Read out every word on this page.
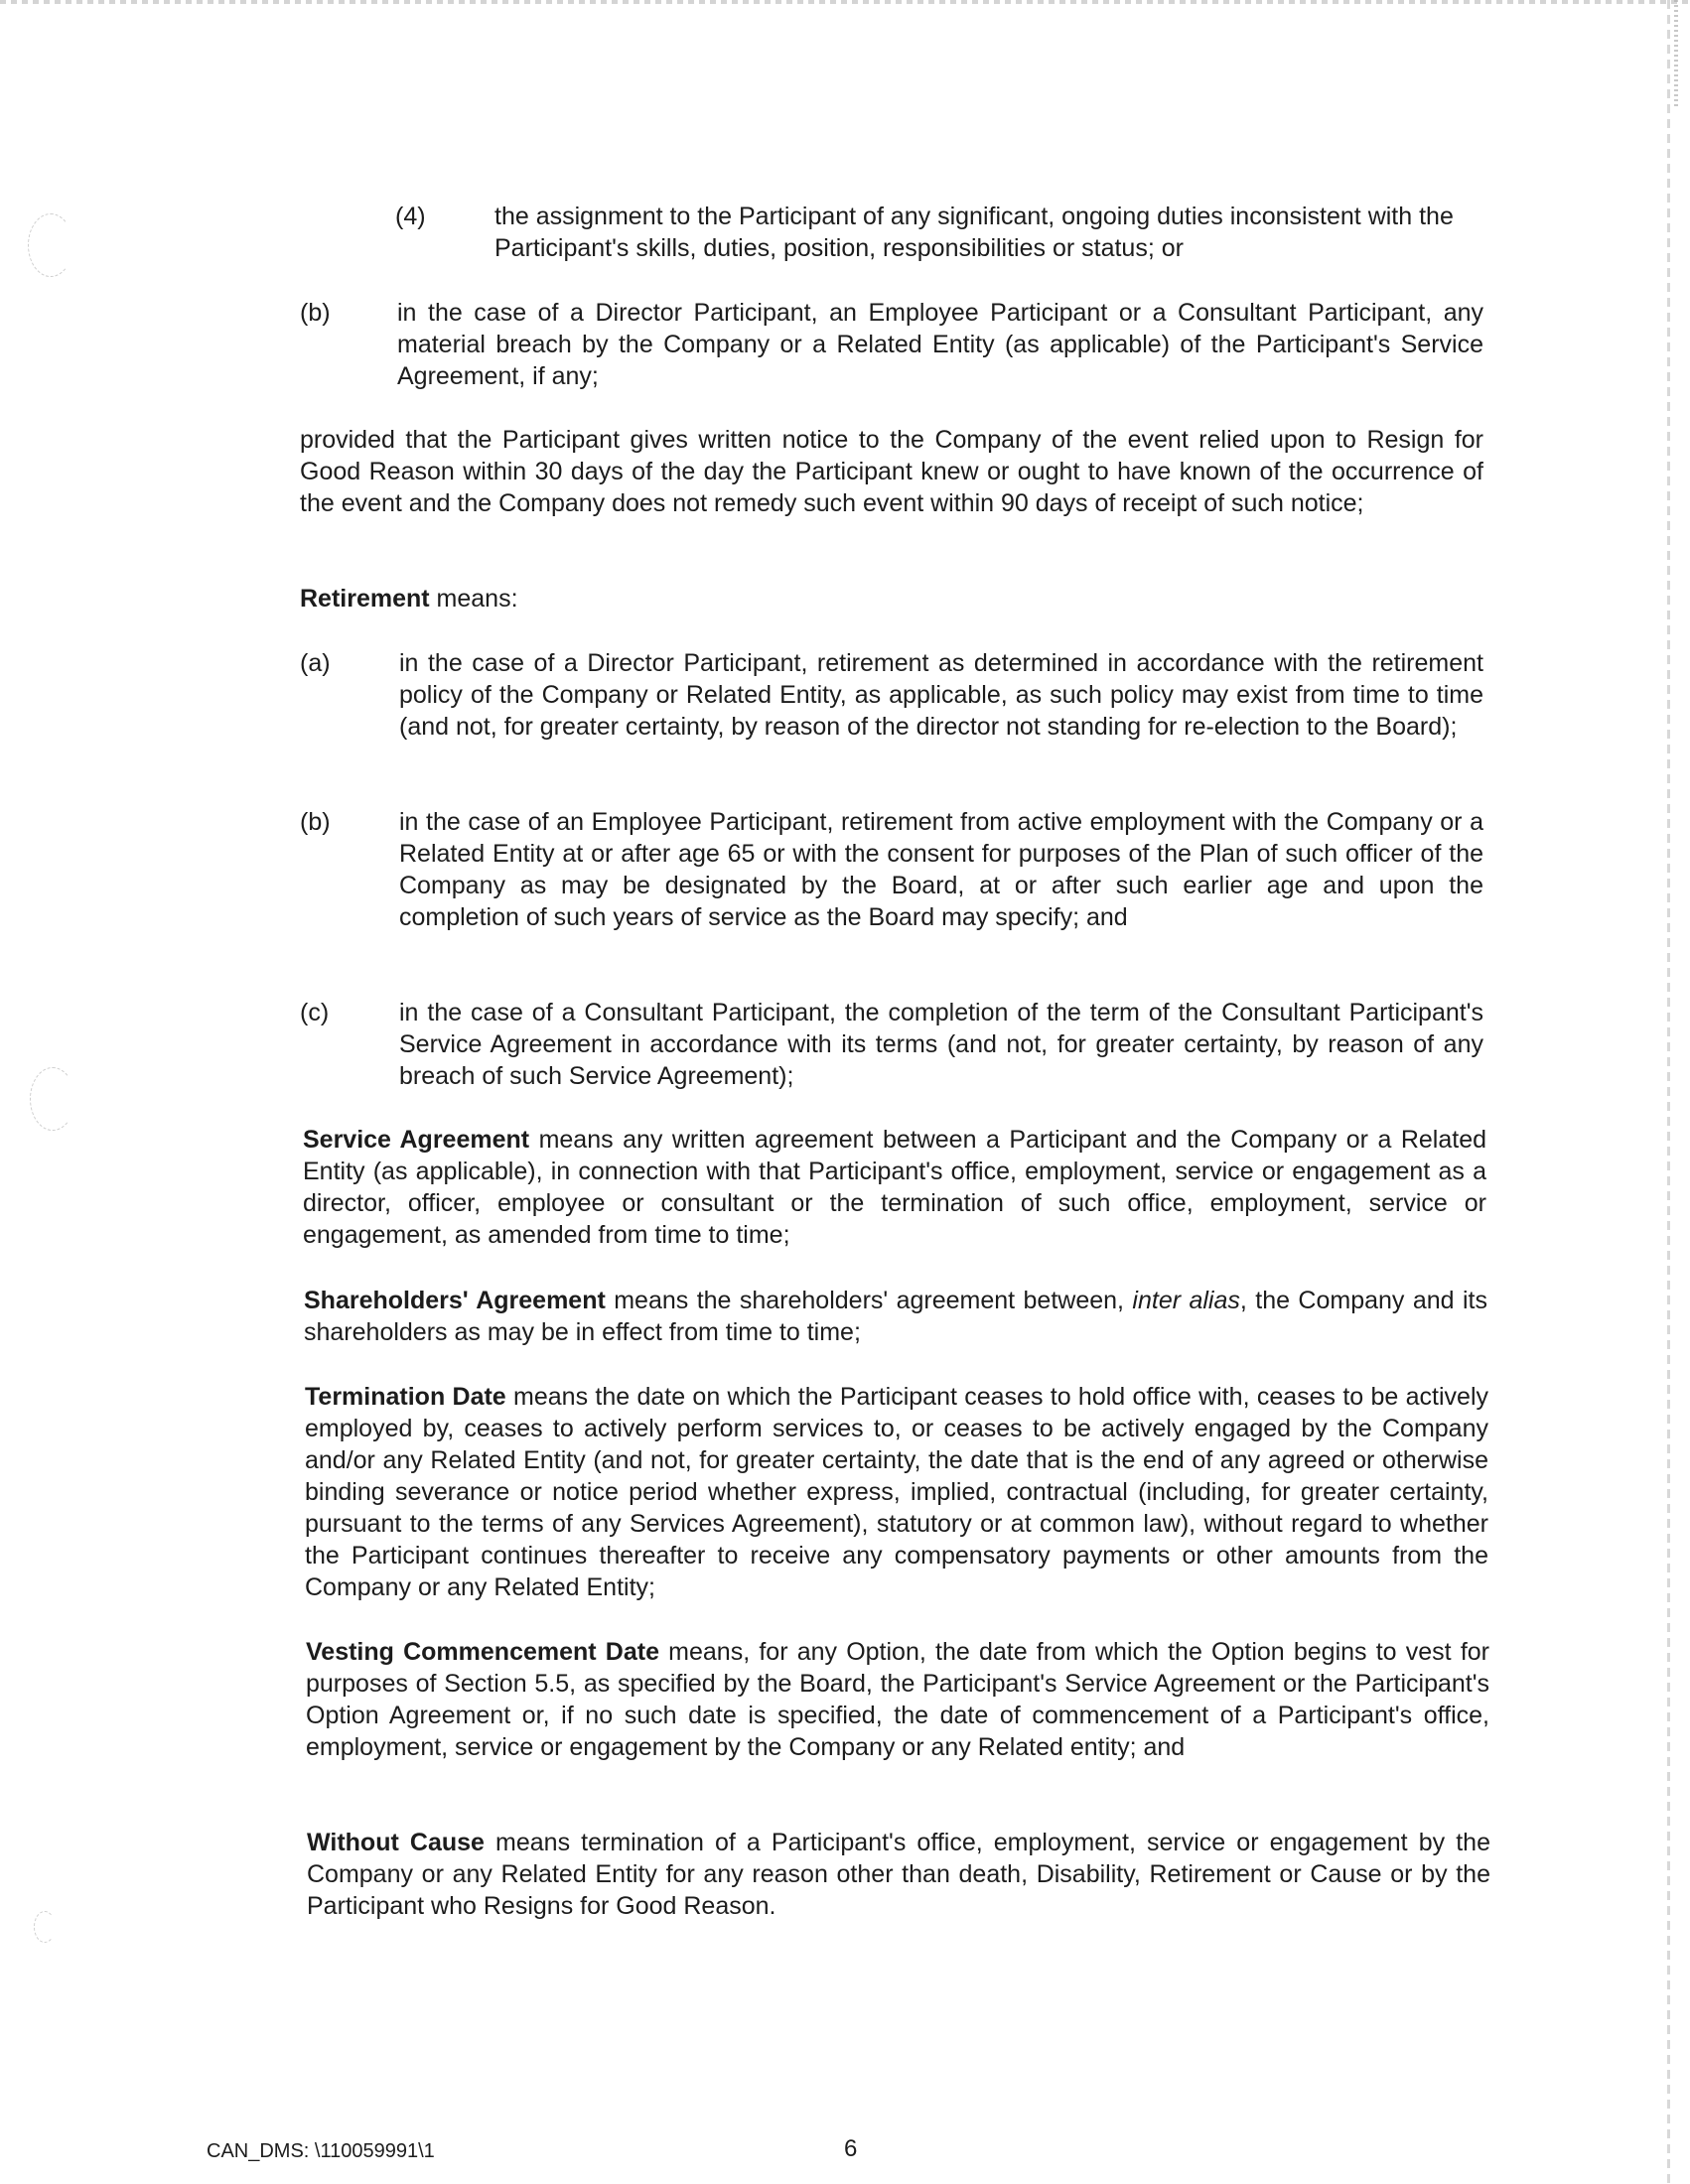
(4)	the assignment to the Participant of any significant, ongoing duties inconsistent with the Participant's skills, duties, position, responsibilities or status; or
(b)	in the case of a Director Participant, an Employee Participant or a Consultant Participant, any material breach by the Company or a Related Entity (as applicable) of the Participant's Service Agreement, if any;
provided that the Participant gives written notice to the Company of the event relied upon to Resign for Good Reason within 30 days of the day the Participant knew or ought to have known of the occurrence of the event and the Company does not remedy such event within 90 days of receipt of such notice;
Retirement means:
(a)	in the case of a Director Participant, retirement as determined in accordance with the retirement policy of the Company or Related Entity, as applicable, as such policy may exist from time to time (and not, for greater certainty, by reason of the director not standing for re-election to the Board);
(b)	in the case of an Employee Participant, retirement from active employment with the Company or a Related Entity at or after age 65 or with the consent for purposes of the Plan of such officer of the Company as may be designated by the Board, at or after such earlier age and upon the completion of such years of service as the Board may specify; and
(c)	in the case of a Consultant Participant, the completion of the term of the Consultant Participant's Service Agreement in accordance with its terms (and not, for greater certainty, by reason of any breach of such Service Agreement);
Service Agreement means any written agreement between a Participant and the Company or a Related Entity (as applicable), in connection with that Participant's office, employment, service or engagement as a director, officer, employee or consultant or the termination of such office, employment, service or engagement, as amended from time to time;
Shareholders' Agreement means the shareholders' agreement between, inter alias, the Company and its shareholders as may be in effect from time to time;
Termination Date means the date on which the Participant ceases to hold office with, ceases to be actively employed by, ceases to actively perform services to, or ceases to be actively engaged by the Company and/or any Related Entity (and not, for greater certainty, the date that is the end of any agreed or otherwise binding severance or notice period whether express, implied, contractual (including, for greater certainty, pursuant to the terms of any Services Agreement), statutory or at common law), without regard to whether the Participant continues thereafter to receive any compensatory payments or other amounts from the Company or any Related Entity;
Vesting Commencement Date means, for any Option, the date from which the Option begins to vest for purposes of Section 5.5, as specified by the Board, the Participant's Service Agreement or the Participant's Option Agreement or, if no such date is specified, the date of commencement of a Participant's office, employment, service or engagement by the Company or any Related entity; and
Without Cause means termination of a Participant's office, employment, service or engagement by the Company or any Related Entity for any reason other than death, Disability, Retirement or Cause or by the Participant who Resigns for Good Reason.
CAN_DMS: \110059991\1	6
